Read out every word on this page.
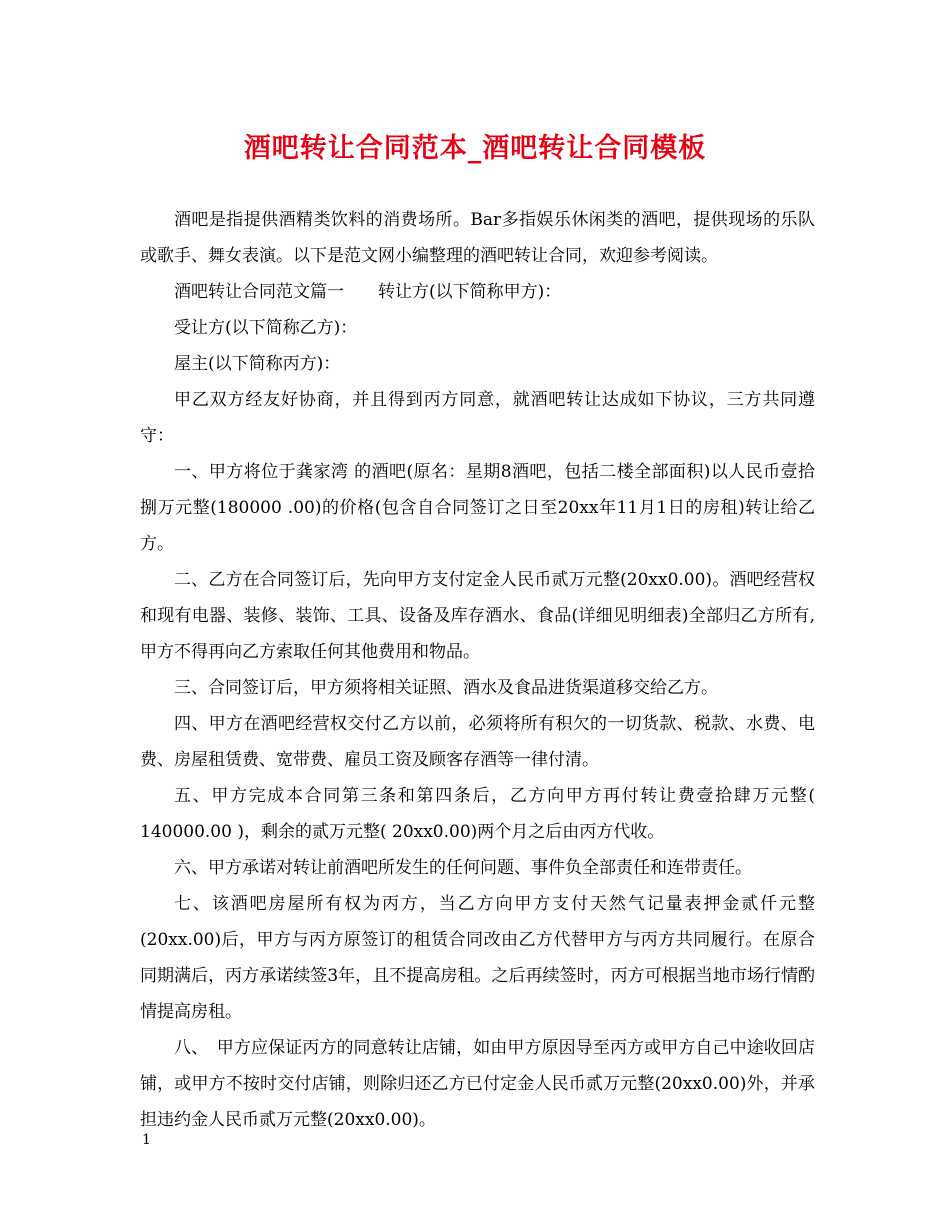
酒吧转让合同范本_酒吧转让合同模板

酒吧是指提供酒精类饮料的消费场所。Bar多指娱乐休闲类的酒吧，提供现场的乐队或歌手、舞女表演。以下是范文网小编整理的酒吧转让合同，欢迎参考阅读。

酒吧转让合同范文篇一　　转让方(以下简称甲方)：

受让方(以下简称乙方)：

屋主(以下简称丙方)：

甲乙双方经友好协商，并且得到丙方同意，就酒吧转让达成如下协议，三方共同遵守：

一、甲方将位于龚家湾 的酒吧(原名：星期8酒吧，包括二楼全部面积)以人民币壹拾捌万元整(180000 .00)的价格(包含自合同签订之日至20xx年11月1日的房租)转让给乙方。

二、乙方在合同签订后，先向甲方支付定金人民币贰万元整(20xx0.00)。酒吧经营权和现有电器、装修、装饰、工具、设备及库存酒水、食品(详细见明细表)全部归乙方所有,甲方不得再向乙方索取任何其他费用和物品。

三、合同签订后，甲方须将相关证照、酒水及食品进货渠道移交给乙方。

四、甲方在酒吧经营权交付乙方以前，必须将所有积欠的一切货款、税款、水费、电费、房屋租赁费、宽带费、雇员工资及顾客存酒等一律付清。

五、甲方完成本合同第三条和第四条后，乙方向甲方再付转让费壹拾肆万元整( 140000.00 )，剩余的贰万元整( 20xx0.00)两个月之后由丙方代收。

六、甲方承诺对转让前酒吧所发生的任何问题、事件负全部责任和连带责任。

七、该酒吧房屋所有权为丙方，当乙方向甲方支付天然气记量表押金贰仟元整(20xx.00)后，甲方与丙方原签订的租赁合同改由乙方代替甲方与丙方共同履行。在原合同期满后，丙方承诺续签3年，且不提高房租。之后再续签时，丙方可根据当地市场行情酌情提高房租。

八、　甲方应保证丙方的同意转让店铺，如由甲方原因导至丙方或甲方自己中途收回店铺，或甲方不按时交付店铺，则除归还乙方已付定金人民币贰万元整(20xx0.00)外，并承担违约金人民币贰万元整(20xx0.00)。

1
